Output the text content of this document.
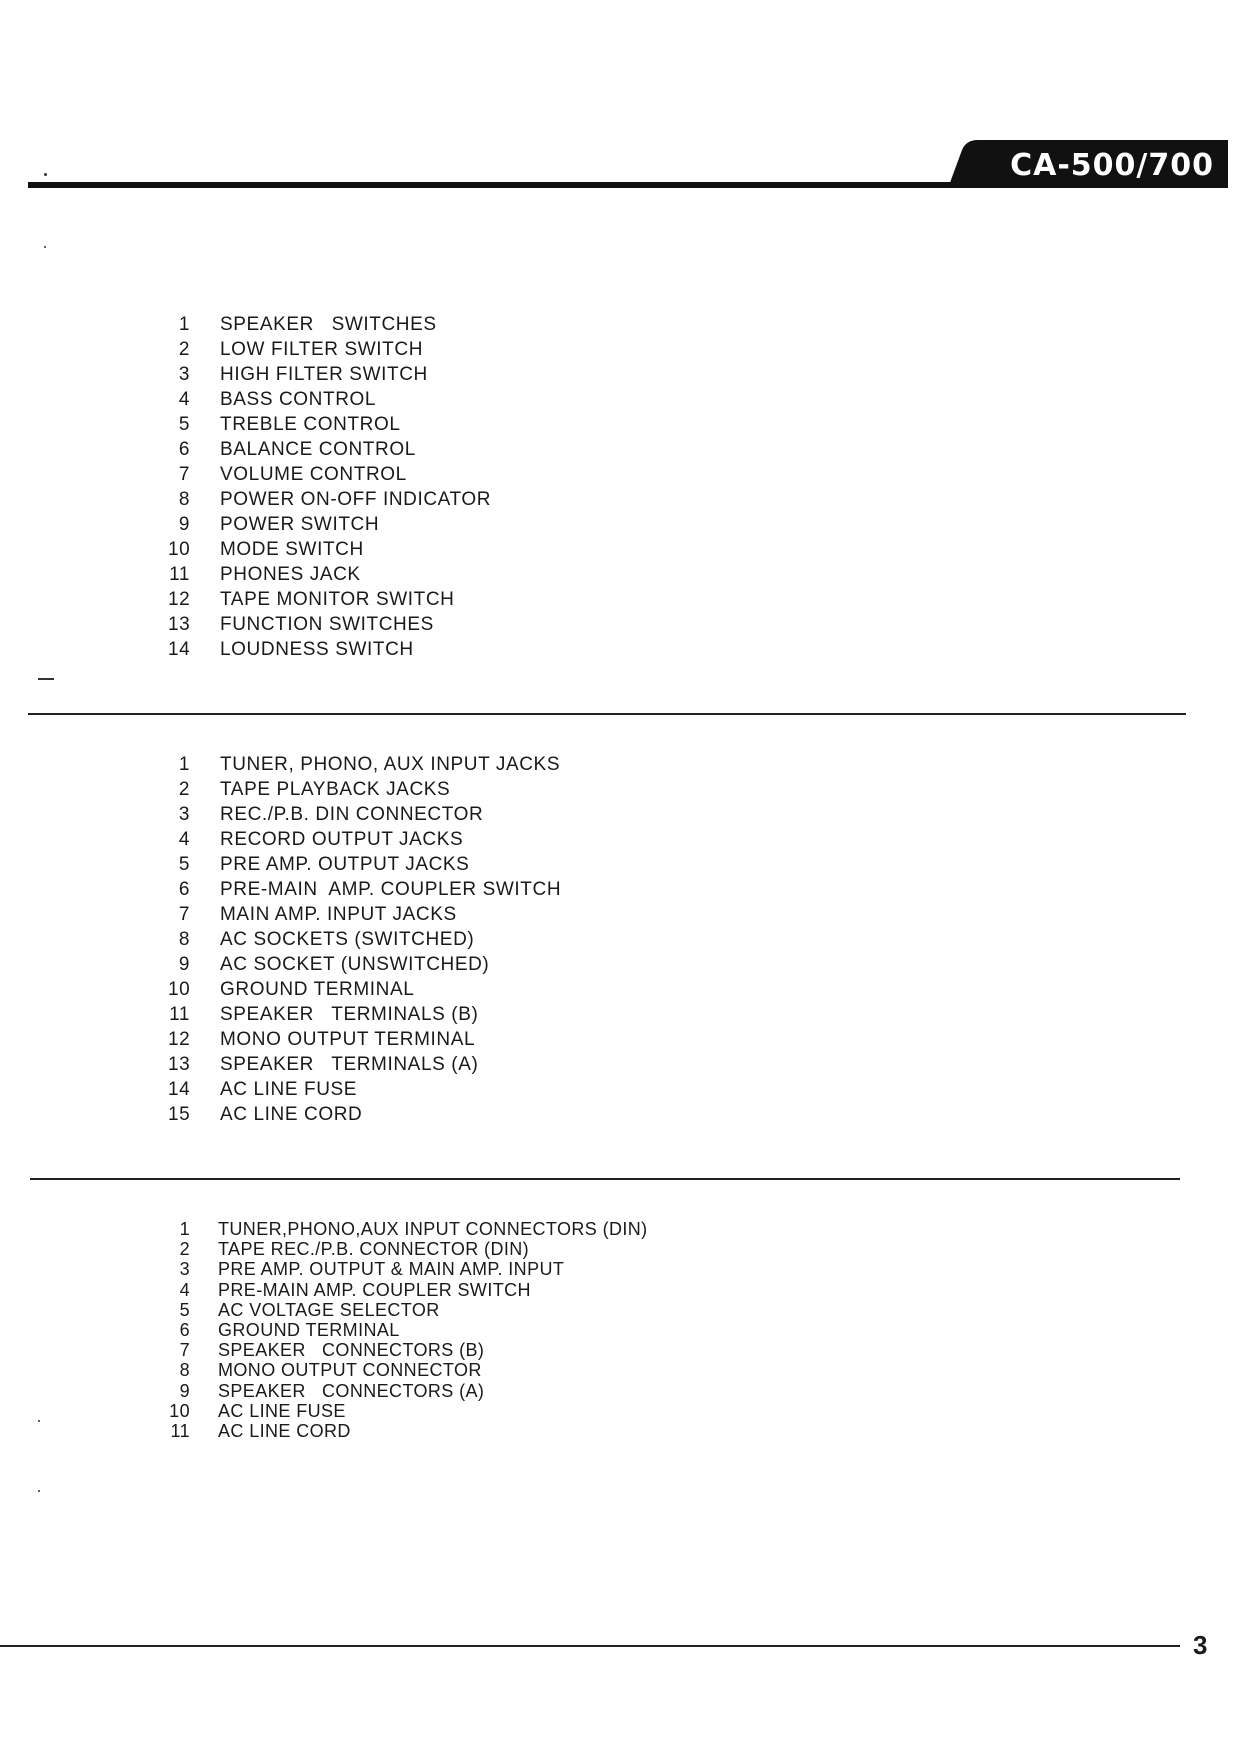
CA-500/700
1 SPEAKER   SWITCHES
2 LOW FILTER SWITCH
3 HIGH FILTER SWITCH
4 BASS CONTROL
5 TREBLE CONTROL
6 BALANCE CONTROL
7 VOLUME CONTROL
8 POWER ON-OFF INDICATOR
9 POWER SWITCH
10 MODE SWITCH
11 PHONES JACK
12 TAPE MONITOR SWITCH
13 FUNCTION SWITCHES
14 LOUDNESS SWITCH
1 TUNER, PHONO, AUX INPUT JACKS
2 TAPE PLAYBACK JACKS
3 REC./P.B. DIN CONNECTOR
4 RECORD OUTPUT JACKS
5 PRE AMP. OUTPUT JACKS
6 PRE-MAIN  AMP. COUPLER SWITCH
7 MAIN AMP. INPUT JACKS
8 AC SOCKETS (SWITCHED)
9 AC SOCKET (UNSWITCHED)
10 GROUND TERMINAL
11 SPEAKER   TERMINALS (B)
12 MONO OUTPUT TERMINAL
13 SPEAKER   TERMINALS (A)
14 AC LINE FUSE
15 AC LINE CORD
1 TUNER,PHONO,AUX INPUT CONNECTORS (DIN)
2 TAPE REC./P.B. CONNECTOR (DIN)
3 PRE AMP. OUTPUT & MAIN AMP. INPUT
4 PRE-MAIN AMP. COUPLER SWITCH
5 AC VOLTAGE SELECTOR
6 GROUND TERMINAL
7 SPEAKER   CONNECTORS (B)
8 MONO OUTPUT CONNECTOR
9 SPEAKER   CONNECTORS (A)
10 AC LINE FUSE
11 AC LINE CORD
3
